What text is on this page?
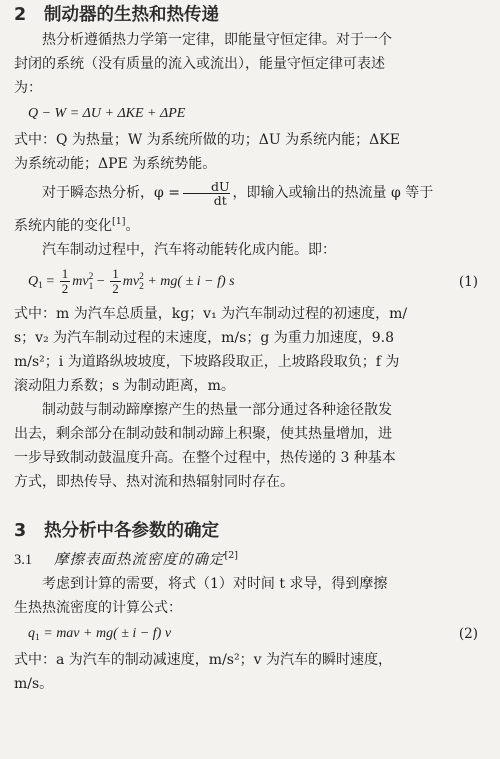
2 制动器的生热和热传递

热分析遵循热力学第一定律，即能量守恒定律。对于一个

封闭的系统（没有质量的流入或流出），能量守恒定律可表述

为：

Q − W = ΔU + ΔKE + ΔPE

式中：Q 为热量；W 为系统所做的功；ΔU 为系统内能；ΔKE

为系统动能；ΔPE 为系统势能。

对于瞬态热分析，$\varphi = \frac{dU}{dt}$ ，即输入或输出的热流量 φ 等于

系统内能的变化[1]。

汽车制动过程中，汽车将动能转化成内能。即：

$Q_1 = \frac{1}{2}$ mv 2
$1 - \frac{1}{2}$ mv 2
2 + mg( ± i − f) s	(1)

式中：m 为汽车总质量，kg；v₁ 为汽车制动过程的初速度，m/

s；v₂ 为汽车制动过程的末速度，m/s；g 为重力加速度，9.8

m/s²；i 为道路纵坡坡度，下坡路段取正，上坡路段取负；f 为

滚动阻力系数；s 为制动距离，m。

制动鼓与制动蹄摩擦产生的热量一部分通过各种途径散发

出去，剩余部分在制动鼓和制动蹄上积聚，使其热量增加，进

一步导致制动鼓温度升高。在整个过程中，热传递的 3 种基本

方式，即热传导、热对流和热辐射同时存在。

3 热分析中各参数的确定
3.1 摩擦表面热流密度的确定[2]

考虑到计算的需要，将式（1）对时间 t 求导，得到摩擦

生热热流密度的计算公式：

$q_1$ = mav + mg( ± i − f) v	(2)

式中：a 为汽车的制动减速度，m/s²；v 为汽车的瞬时速度，

m/s。
